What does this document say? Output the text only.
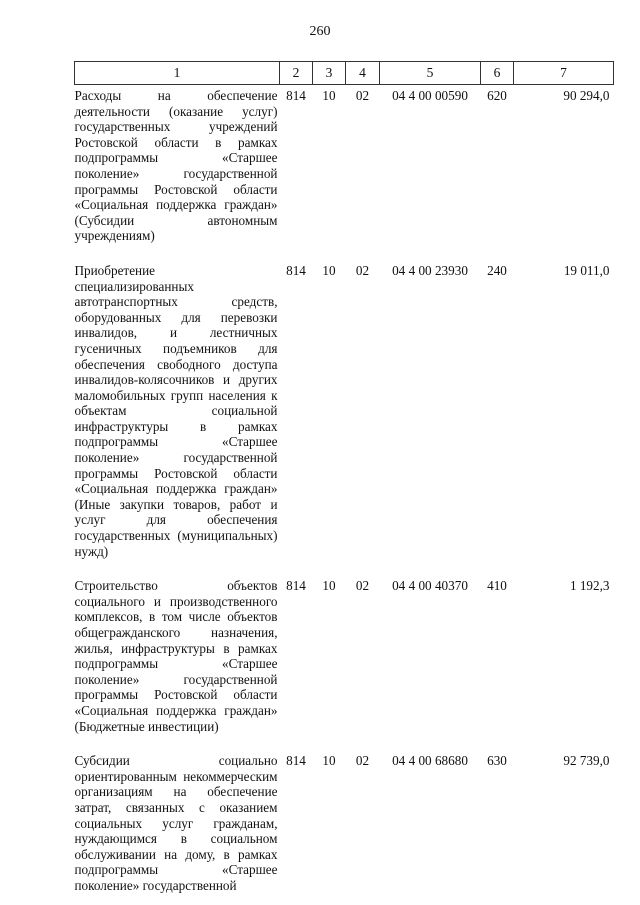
260
1	2	3	4	5	6	7
Расходы на обеспечение деятельности (оказание услуг) государственных учреждений Ростовской области в рамках подпрограммы «Старшее поколение» государственной программы Ростовской области «Социальная поддержка граждан» (Субсидии автономным учреждениям)	814	10	02	04 4 00 00590	620	90 294,0

Приобретение специализированных автотранспортных средств, оборудованных для перевозки инвалидов, и лестничных гусеничных подъемников для обеспечения свободного доступа инвалидов-колясочников и других маломобильных групп населения к объектам социальной инфраструктуры в рамках подпрограммы «Старшее поколение» государственной программы Ростовской области «Социальная поддержка граждан» (Иные закупки товаров, работ и услуг для обеспечения государственных (муниципальных) нужд)	814	10	02	04 4 00 23930	240	19 011,0

Строительство объектов социального и производственного комплексов, в том числе объектов общегражданского назначения, жилья, инфраструктуры в рамках подпрограммы «Старшее поколение» государственной программы Ростовской области «Социальная поддержка граждан» (Бюджетные инвестиции)	814	10	02	04 4 00 40370	410	1 192,3

Субсидии социально ориентированным некоммерческим организациям на обеспечение затрат, связанных с оказанием социальных услуг гражданам, нуждающимся в социальном обслуживании на дому, в рамках подпрограммы «Старшее поколение» государственной	814	10	02	04 4 00 68680	630	92 739,0
